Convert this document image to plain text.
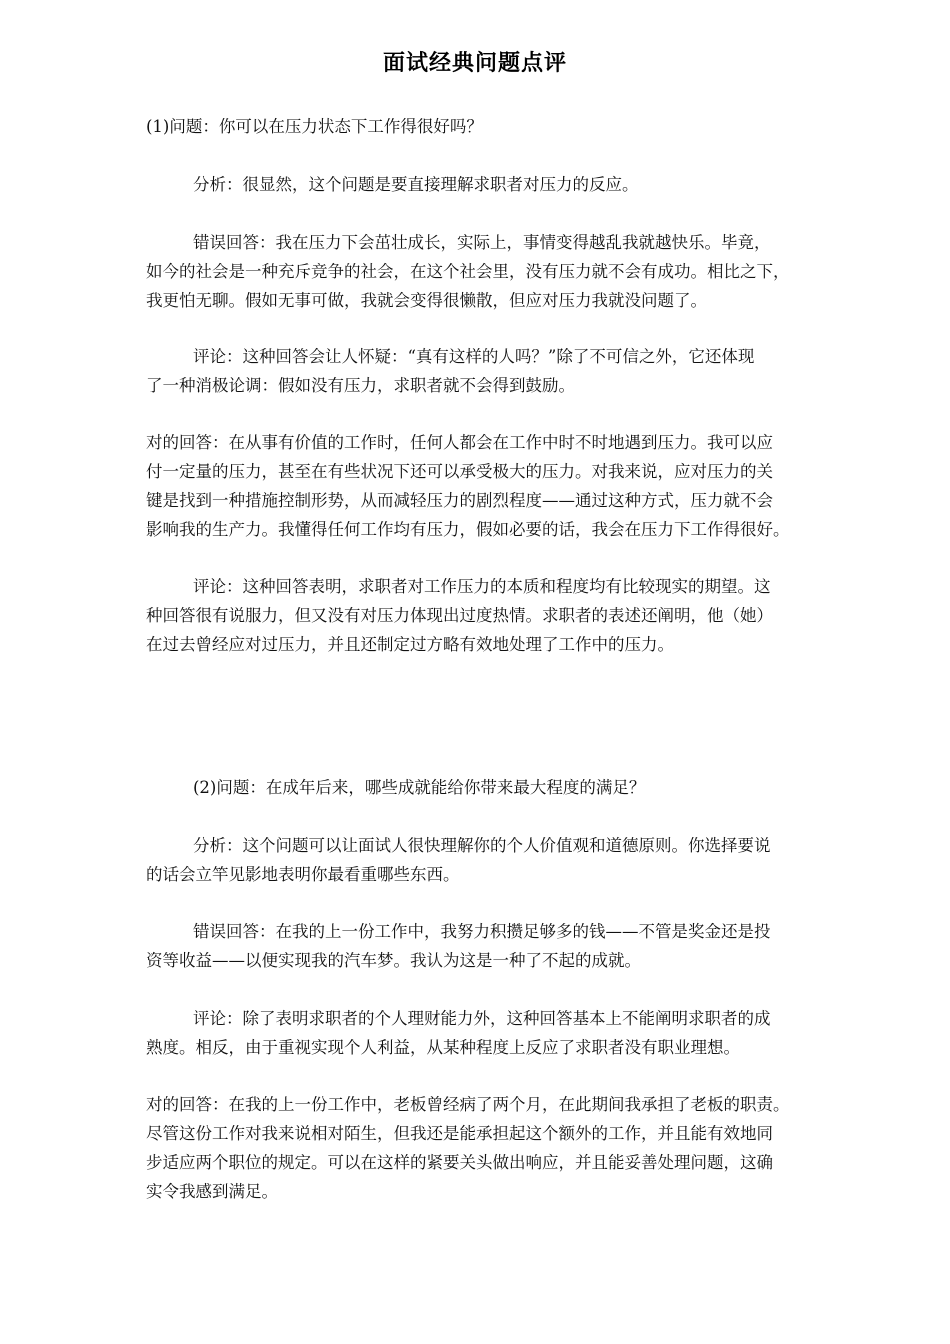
面试经典问题点评

(1)问题：你可以在压力状态下工作得很好吗？

分析：很显然，这个问题是要直接理解求职者对压力的反应。

错误回答：我在压力下会茁壮成长，实际上，事情变得越乱我就越快乐。毕竟，
如今的社会是一种充斥竞争的社会，在这个社会里，没有压力就不会有成功。相比之下，
我更怕无聊。假如无事可做，我就会变得很懒散，但应对压力我就没问题了。

评论：这种回答会让人怀疑：“真有这样的人吗？”除了不可信之外，它还体现
了一种消极论调：假如没有压力，求职者就不会得到鼓励。

对的回答：在从事有价值的工作时，任何人都会在工作中时不时地遇到压力。我可以应
付一定量的压力，甚至在有些状况下还可以承受极大的压力。对我来说，应对压力的关
键是找到一种措施控制形势，从而减轻压力的剧烈程度——通过这种方式，压力就不会
影响我的生产力。我懂得任何工作均有压力，假如必要的话，我会在压力下工作得很好。

评论：这种回答表明，求职者对工作压力的本质和程度均有比较现实的期望。这
种回答很有说服力，但又没有对压力体现出过度热情。求职者的表述还阐明，他（她）
在过去曾经应对过压力，并且还制定过方略有效地处理了工作中的压力。

(2)问题：在成年后来，哪些成就能给你带来最大程度的满足？

分析：这个问题可以让面试人很快理解你的个人价值观和道德原则。你选择要说
的话会立竿见影地表明你最看重哪些东西。

错误回答：在我的上一份工作中，我努力积攒足够多的钱——不管是奖金还是投
资等收益——以便实现我的汽车梦。我认为这是一种了不起的成就。

评论：除了表明求职者的个人理财能力外，这种回答基本上不能阐明求职者的成
熟度。相反，由于重视实现个人利益，从某种程度上反应了求职者没有职业理想。

对的回答：在我的上一份工作中，老板曾经病了两个月，在此期间我承担了老板的职责。
尽管这份工作对我来说相对陌生，但我还是能承担起这个额外的工作，并且能有效地同
步适应两个职位的规定。可以在这样的紧要关头做出响应，并且能妥善处理问题，这确
实令我感到满足。
